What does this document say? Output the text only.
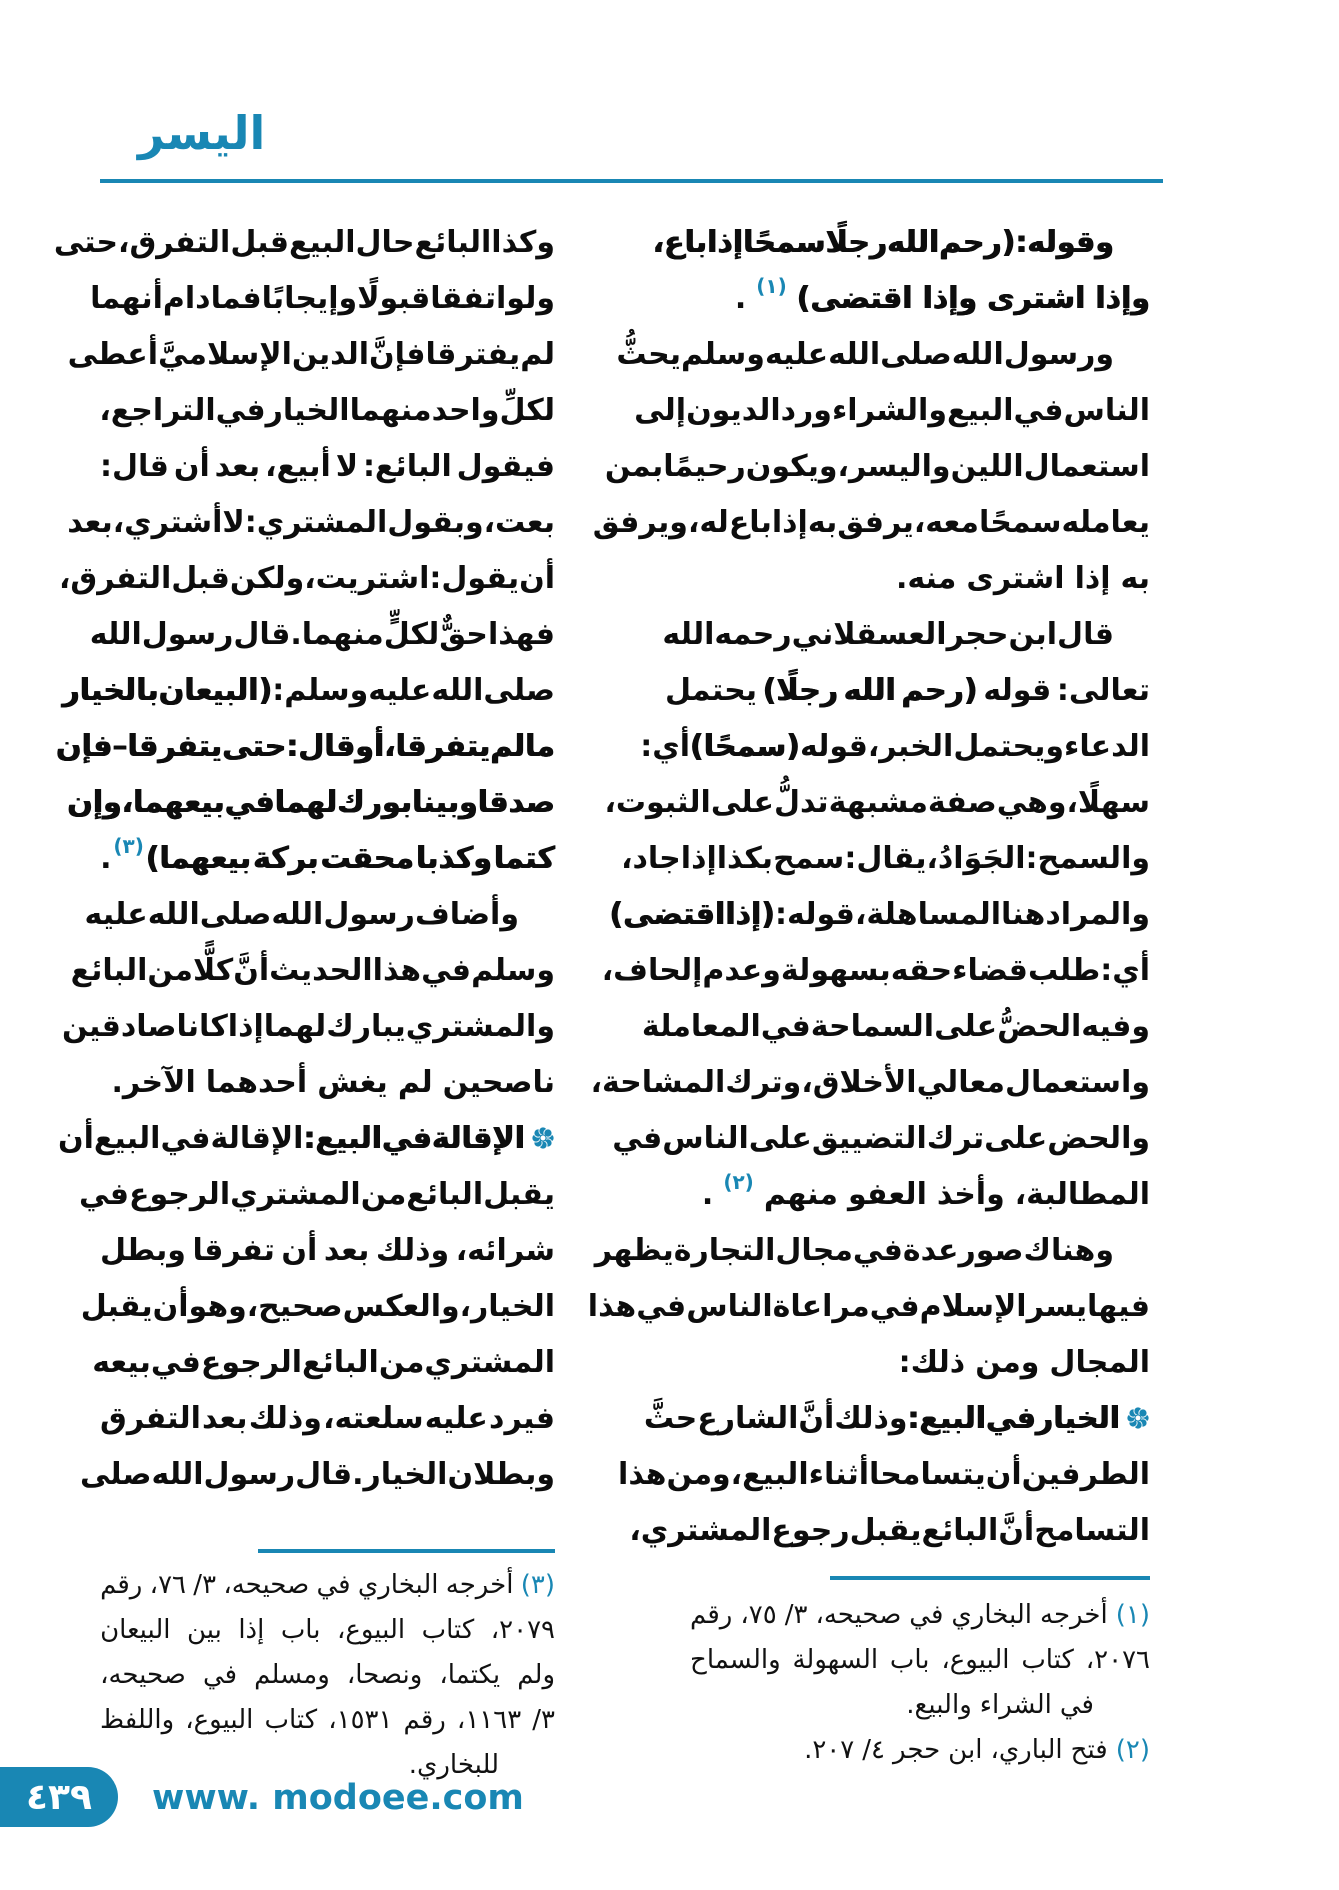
اليسر
وقوله:
(رحم
الله
رجلًا
سمحًا
إذا
باع،
وإذا
اشترى
وإذا
اقتضى)
(١)
.
ورسول
الله
صلى
الله
عليه
وسلم
يحثُّ
الناس
في
البيع
والشراء
ورد
الديون
إلى
استعمال
اللين
واليسر،
ويكون
رحيمًا
بمن
يعامله
سمحًا
معه،
يرفق
به
إذا
باع
له،
ويرفق
به
إذا
اشترى
منه.
قال
ابن
حجر
العسقلاني
رحمه
الله
تعالى:
قوله
(رحم
الله
رجلًا)
يحتمل
الدعاء
ويحتمل
الخبر،
قوله
(سمحًا)
أي:
سهلًا،
وهي
صفة
مشبهة
تدلُّ
على
الثبوت،
والسمح:
الجَوَادُ،
يقال:
سمح
بكذا
إذا
جاد،
والمراد
هنا
المساهلة،
قوله:
(إذا
اقتضى)
أي:
طلب
قضاء
حقه
بسهولة
وعدم
إلحاف،
وفيه
الحضُّ
على
السماحة
في
المعاملة
واستعمال
معالي
الأخلاق،
وترك
المشاحة،
والحض
على
ترك
التضييق
على
الناس
في
المطالبة،
وأخذ
العفو
منهم
(٢)
.
وهناك
صور
عدة
في
مجال
التجارة
يظهر
فيها
يسر
الإسلام
في
مراعاة
الناس
في
هذا
المجال
ومن
ذلك:
الخيار
في
البيع:
وذلك
أنَّ
الشارع
حثَّ
الطرفين
أن
يتسامحا
أثناء
البيع،
ومن
هذا
التسامح
أنَّ
البائع
يقبل
رجوع
المشتري،
وكذا
البائع
حال
البيع
قبل
التفرق،
حتى
ولو
اتفقا
قبولًا
وإيجابًا
فما
دام
أنهما
لم
يفترقا
فإنَّ
الدين
الإسلاميَّ
أعطى
لكلِّ
واحد
منهما
الخيار
في
التراجع،
فيقول
البائع:
لا
أبيع،
بعد
أن
قال:
بعت،
وبقول
المشتري:
لا
أشتري،
بعد
أن
يقول:
اشتريت،
ولكن
قبل
التفرق،
فهذا
حقٌّ
لكلٍّ
منهما.
قال
رسول
الله
صلى
الله
عليه
وسلم:
(البيعان
بالخيار
ما
لم
يتفرقا،
أو
قال:
حتى
يتفرقا
–
فإن
صدقا
وبينا
بورك
لهما
في
بيعهما،
وإن
كتما
وكذبا
محقت
بركة
بيعهما)
(٣)
.
وأضاف
رسول
الله
صلى
الله
عليه
وسلم
في
هذا
الحديث
أنَّ
كلًّا
من
البائع
والمشتري
يبارك
لهما
إذا
كانا
صادقين
ناصحين
لم
يغش
أحدهما
الآخر.
الإقالة
في
البيع:
الإقالة
في
البيع
أن
يقبل
البائع
من
المشتري
الرجوع
في
شرائه،
وذلك
بعد
أن
تفرقا
وبطل
الخيار،
والعكس
صحيح،
وهو
أن
يقبل
المشتري
من
البائع
الرجوع
في
بيعه
فيرد
عليه
سلعته،
وذلك
بعد
التفرق
وبطلان
الخيار.
قال
رسول
الله
صلى
(١)
أخرجه
البخاري
في
صحيحه،
٣/
٧٥،
رقم
٢٠٧٦،
كتاب
البيوع،
باب
السهولة
والسماح
في
الشراء
والبيع.
(٢)
فتح
الباري،
ابن
حجر
٤/
٢٠٧.
(٣)
أخرجه
البخاري
في
صحيحه،
٣/
٧٦،
رقم
٢٠٧٩،
كتاب
البيوع،
باب
إذا
بين
البيعان
ولم
يكتما،
ونصحا،
ومسلم
في
صحيحه،
٣/
١١٦٣،
رقم
١٥٣١،
كتاب
البيوع،
واللفظ
للبخاري.
٤٣٩ www. modoee.com
